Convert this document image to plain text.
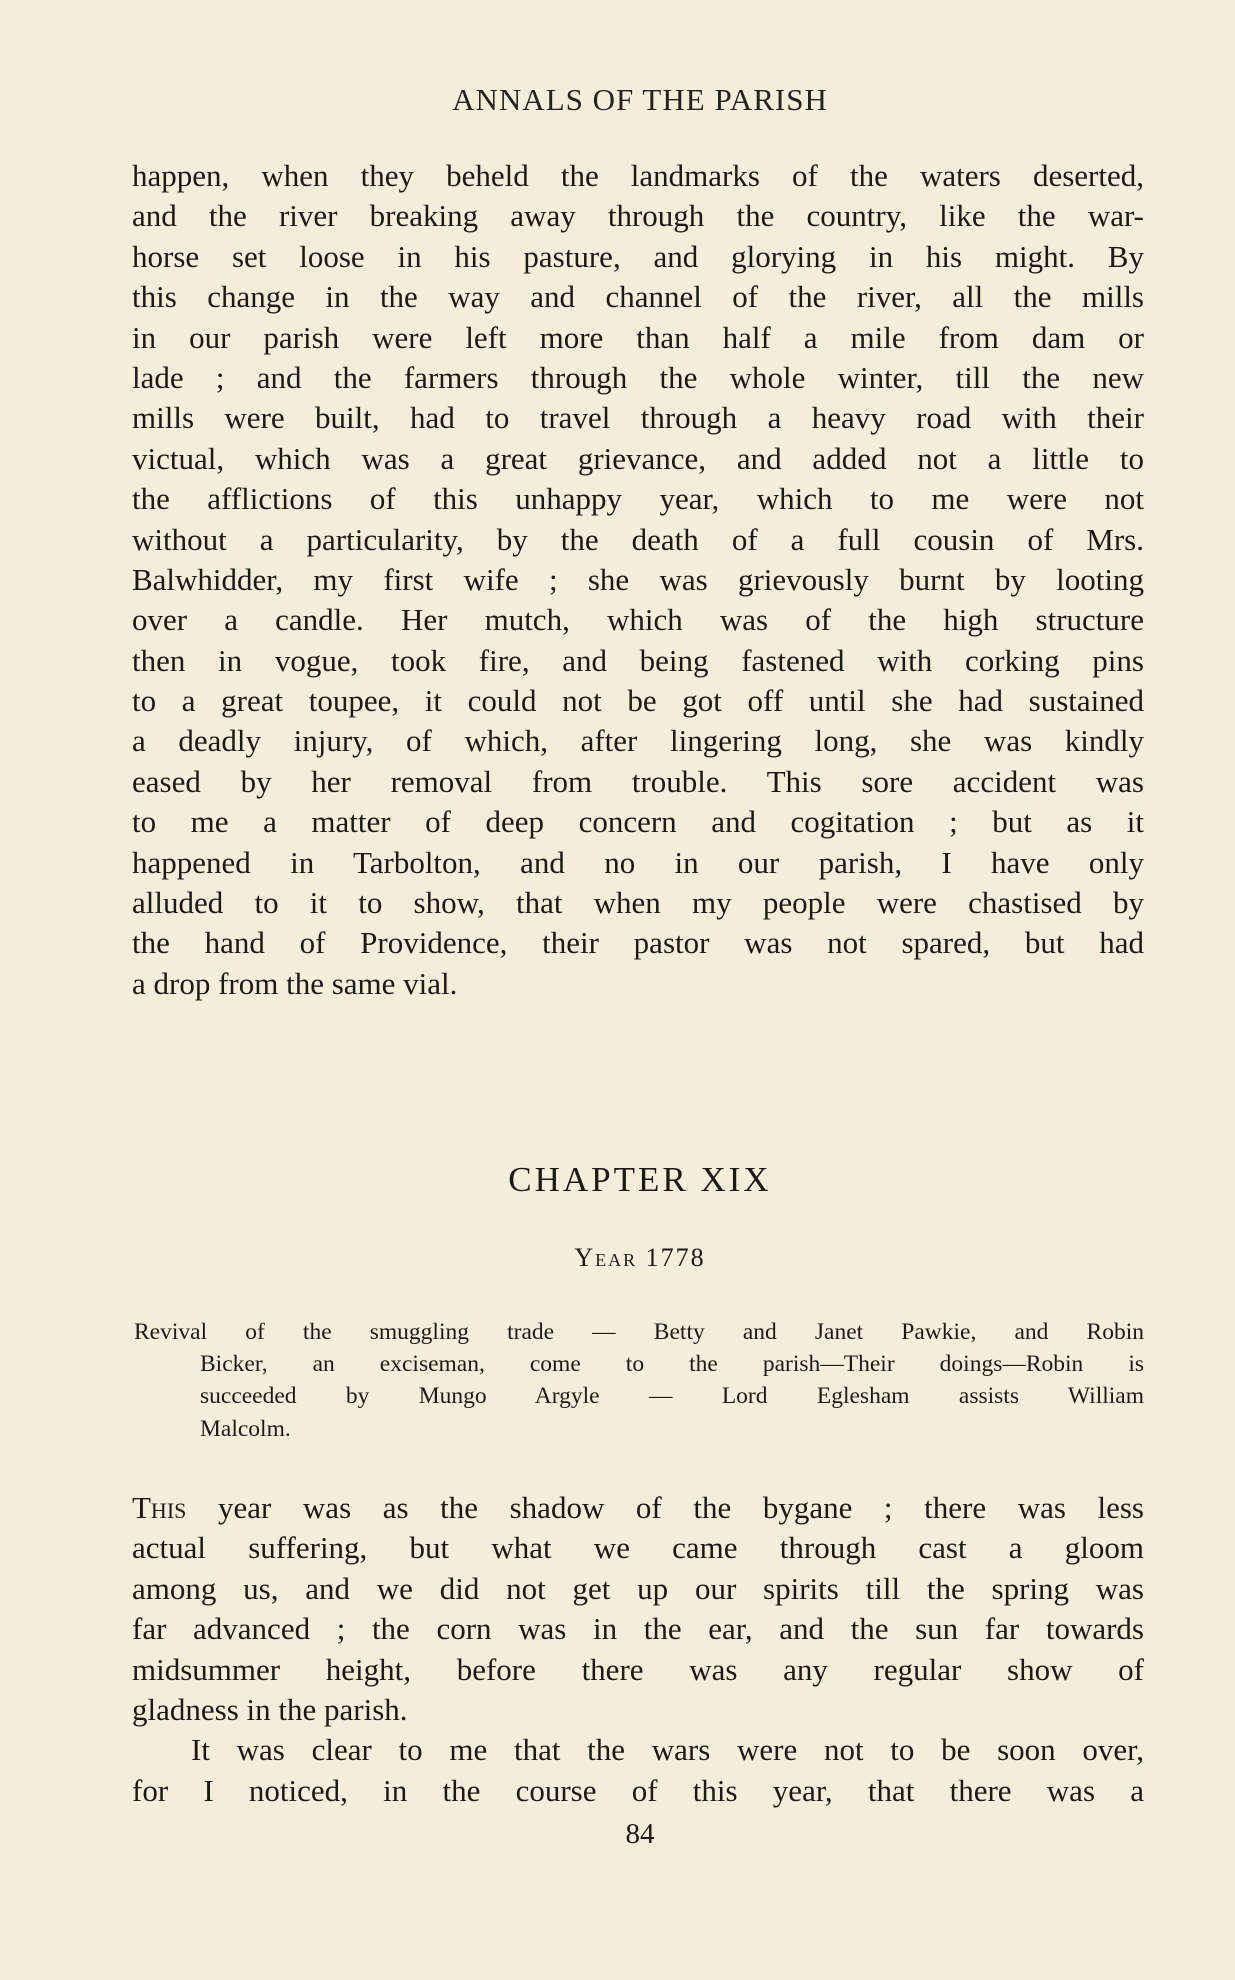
ANNALS OF THE PARISH
happen, when they beheld the landmarks of the waters deserted,
and the river breaking away through the country, like the war-
horse set loose in his pasture, and glorying in his might. By
this change in the way and channel of the river, all the mills
in our parish were left more than half a mile from dam or
lade ; and the farmers through the whole winter, till the new
mills were built, had to travel through a heavy road with their
victual, which was a great grievance, and added not a little to
the afflictions of this unhappy year, which to me were not
without a particularity, by the death of a full cousin of Mrs.
Balwhidder, my first wife ; she was grievously burnt by looting
over a candle. Her mutch, which was of the high structure
then in vogue, took fire, and being fastened with corking pins
to a great toupee, it could not be got off until she had sustained
a deadly injury, of which, after lingering long, she was kindly
eased by her removal from trouble. This sore accident was
to me a matter of deep concern and cogitation ; but as it
happened in Tarbolton, and no in our parish, I have only
alluded to it to show, that when my people were chastised by
the hand of Providence, their pastor was not spared, but had
a drop from the same vial.
CHAPTER XIX
Year 1778
Revival of the smuggling trade — Betty and Janet Pawkie, and Robin
Bicker, an exciseman, come to the parish—Their doings—Robin is
succeeded by Mungo Argyle — Lord Eglesham assists William
Malcolm.
This year was as the shadow of the bygane ; there was less
actual suffering, but what we came through cast a gloom
among us, and we did not get up our spirits till the spring was
far advanced ; the corn was in the ear, and the sun far towards
midsummer height, before there was any regular show of
gladness in the parish.
It was clear to me that the wars were not to be soon over,
for I noticed, in the course of this year, that there was a
84
